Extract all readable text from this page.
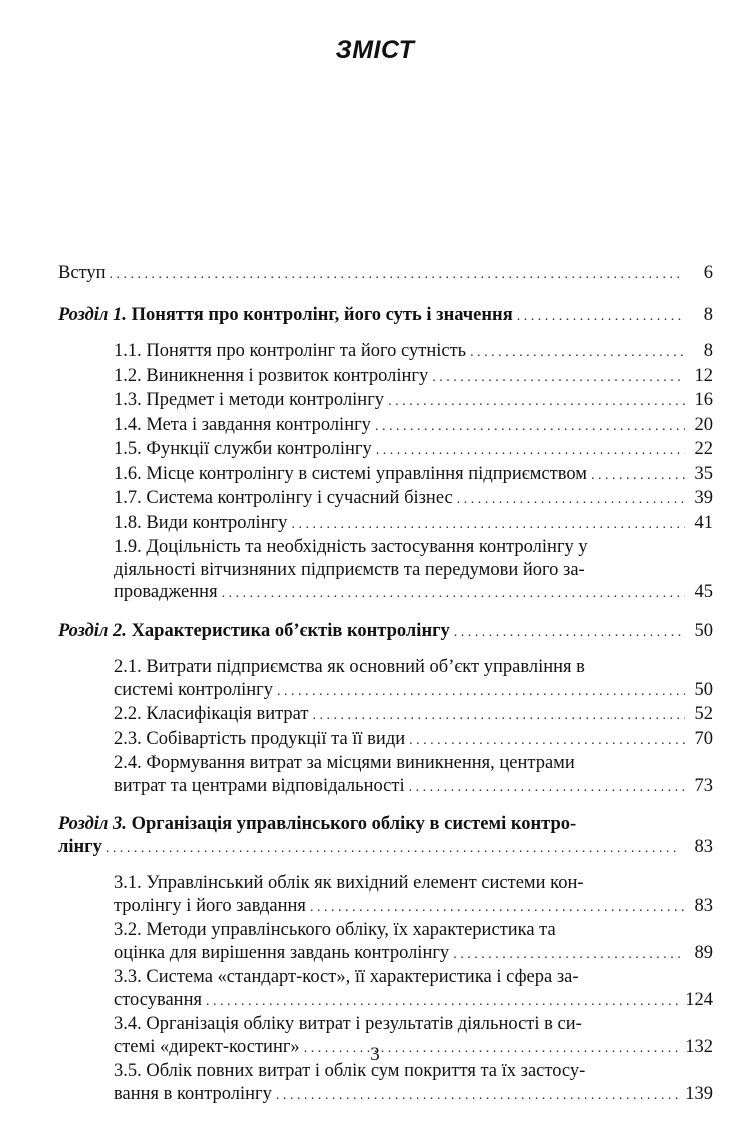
ЗМІСТ
Вступ . . .	6
Розділ 1. Поняття про контролінг, його суть і значення . . .	8
1.1. Поняття про контролінг та його сутність . . .	8
1.2. Виникнення і розвиток контролінгу . . .	12
1.3. Предмет і методи контролінгу . . .	16
1.4. Мета і завдання контролінгу . . .	20
1.5. Функції служби контролінгу . . .	22
1.6. Місце контролінгу в системі управління підприємством . . .	35
1.7. Система контролінгу і сучасний бізнес . . .	39
1.8. Види контролінгу . . .	41
1.9. Доцільність та необхідність застосування контролінгу у
діяльності вітчизняних підприємств та передумови його за-
провадження . . .	45
Розділ 2. Характеристика об’єктів контролінгу . . .	50
2.1. Витрати підприємства як основний об’єкт управління в
системі контролінгу . . .	50
2.2. Класифікація витрат . . .	52
2.3. Собівартість продукції та її види . . .	70
2.4. Формування витрат за місцями виникнення, центрами
витрат та центрами відповідальності . . .	73
Розділ 3. Організація управлінського обліку в системі контро-
лінгу . . .	83
3.1. Управлінський облік як вихідний елемент системи кон-
тролінгу і його завдання . . .	83
3.2. Методи управлінського обліку, їх характеристика та
оцінка для вирішення завдань контролінгу . . .	89
3.3. Система «стандарт-кост», її характеристика і сфера за-
стосування . . .	124
3.4. Організація обліку витрат і результатів діяльності в си-
стемі «директ-костинг» . . .	132
3.5. Облік повних витрат і облік сум покриття та їх застосу-
вання в контролінгу . . .	139
3
